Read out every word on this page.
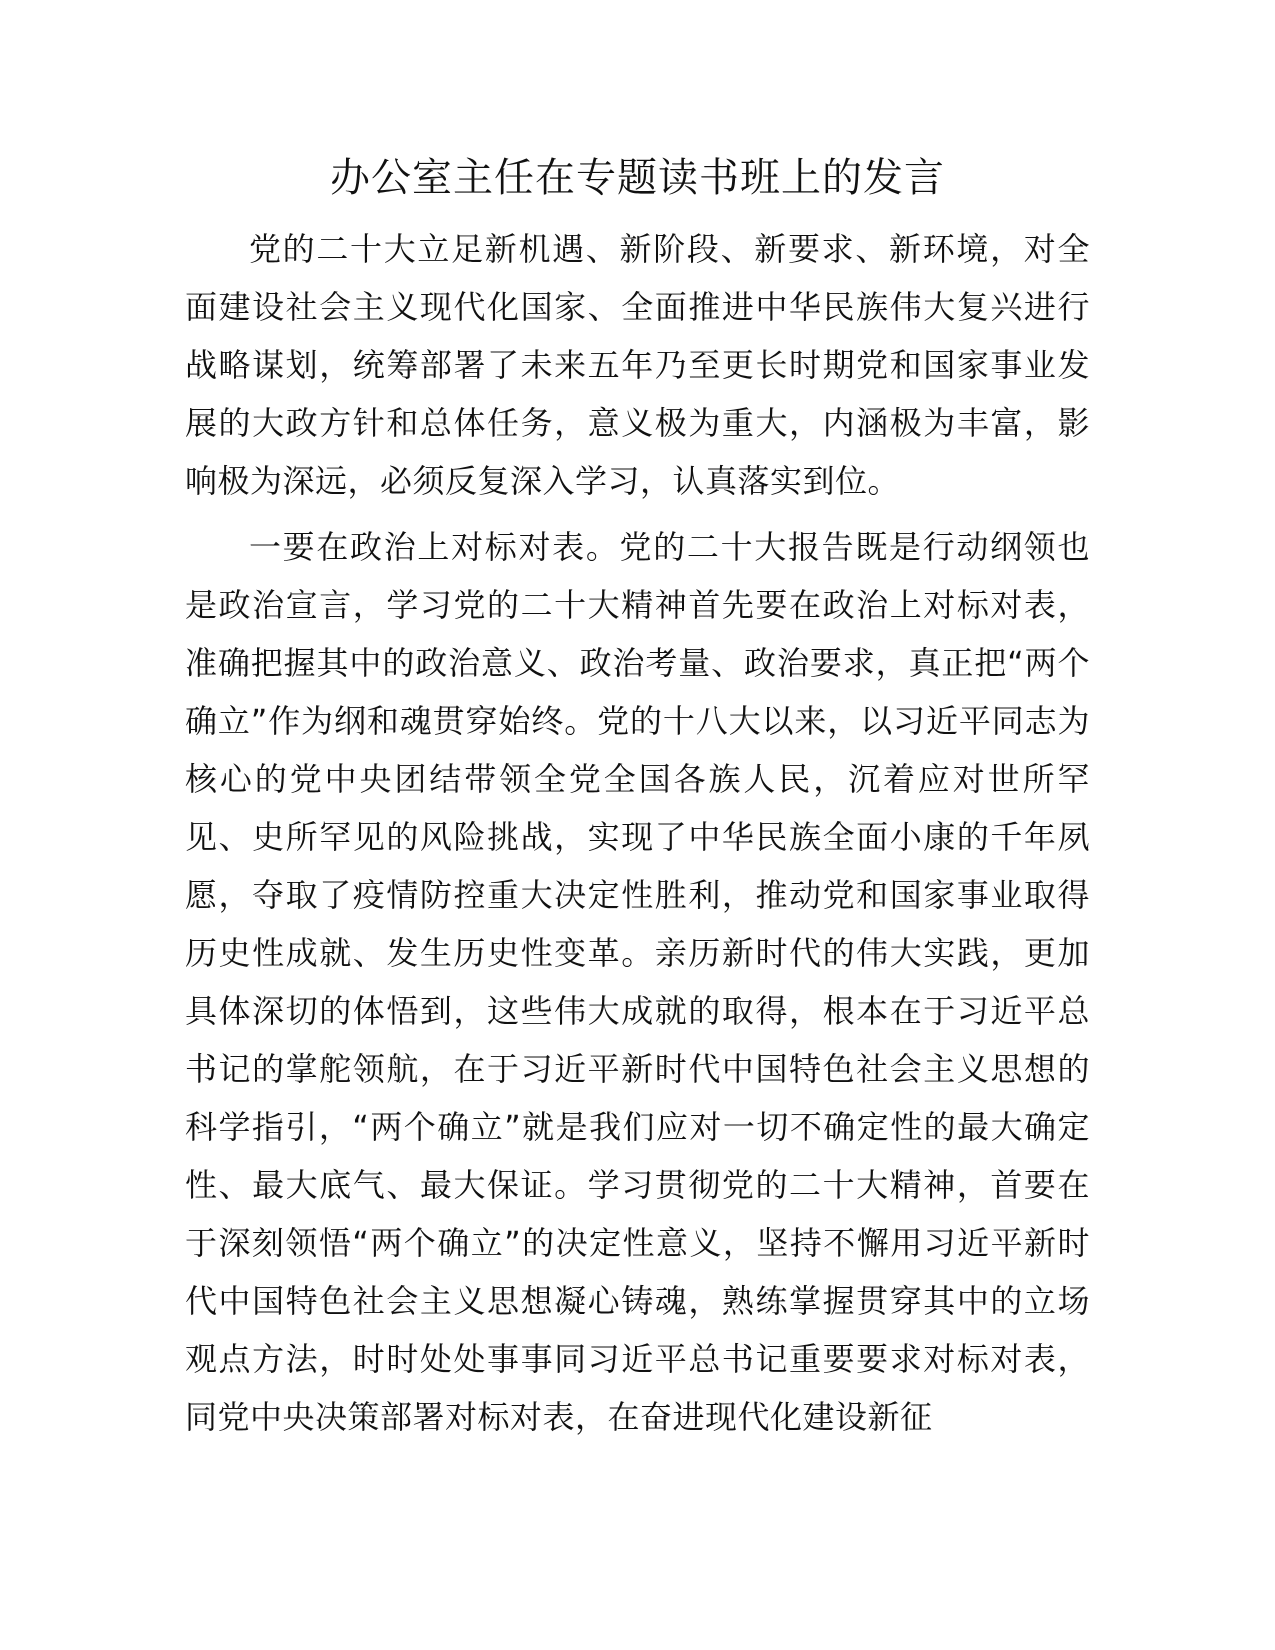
办公室主任在专题读书班上的发言

党的二十大立足新机遇、新阶段、新要求、新环境，对全面建设社会主义现代化国家、全面推进中华民族伟大复兴进行战略谋划，统筹部署了未来五年乃至更长时期党和国家事业发展的大政方针和总体任务，意义极为重大，内涵极为丰富，影响极为深远，必须反复深入学习，认真落实到位。

一要在政治上对标对表。党的二十大报告既是行动纲领也是政治宣言，学习党的二十大精神首先要在政治上对标对表，准确把握其中的政治意义、政治考量、政治要求，真正把“两个确立”作为纲和魂贯穿始终。党的十八大以来，以习近平同志为核心的党中央团结带领全党全国各族人民，沉着应对世所罕见、史所罕见的风险挑战，实现了中华民族全面小康的千年夙愿，夺取了疫情防控重大决定性胜利，推动党和国家事业取得历史性成就、发生历史性变革。亲历新时代的伟大实践，更加具体深切的体悟到，这些伟大成就的取得，根本在于习近平总书记的掌舵领航，在于习近平新时代中国特色社会主义思想的科学指引，“两个确立”就是我们应对一切不确定性的最大确定性、最大底气、最大保证。学习贯彻党的二十大精神，首要在于深刻领悟“两个确立”的决定性意义，坚持不懈用习近平新时代中国特色社会主义思想凝心铸魂，熟练掌握贯穿其中的立场观点方法，时时处处事事同习近平总书记重要要求对标对表，同党中央决策部署对标对表，在奋进现代化建设新征
